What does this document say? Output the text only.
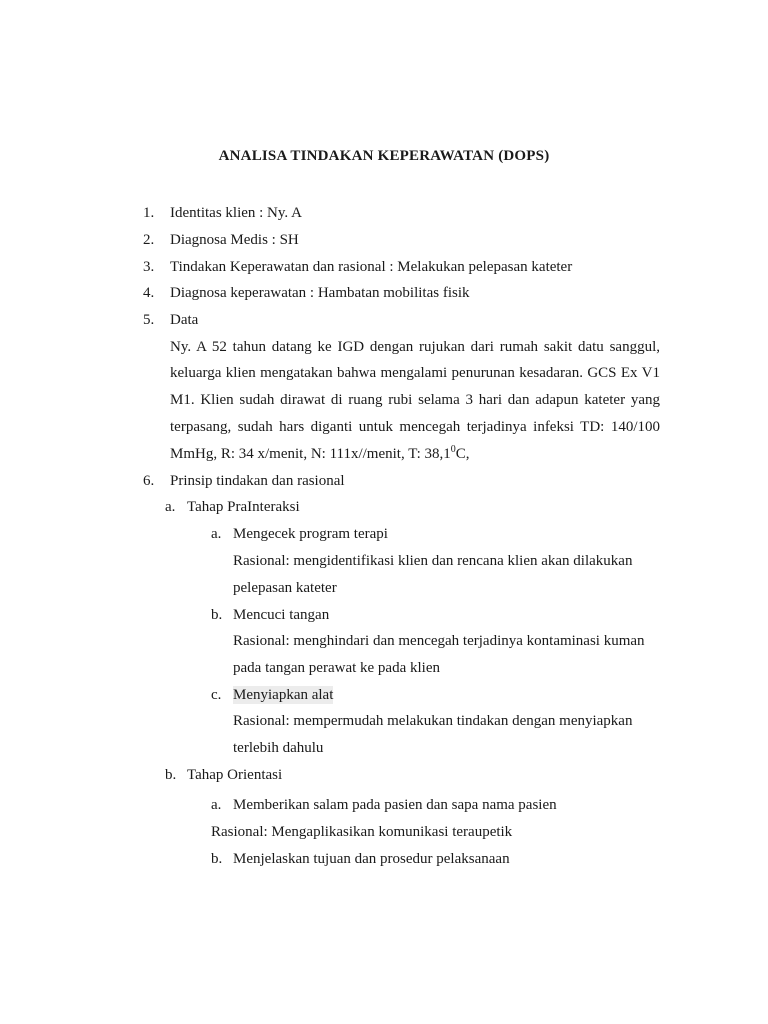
ANALISA TINDAKAN KEPERAWATAN (DOPS)
1. Identitas klien : Ny. A
2. Diagnosa Medis : SH
3. Tindakan Keperawatan dan rasional : Melakukan pelepasan kateter
4. Diagnosa keperawatan : Hambatan mobilitas fisik
5. Data
Ny. A 52 tahun datang ke IGD dengan rujukan dari rumah sakit datu sanggul,
keluarga klien mengatakan bahwa mengalami penurunan kesadaran. GCS Ex V1
M1. Klien sudah dirawat di ruang rubi selama 3 hari dan adapun kateter yang
terpasang, sudah hars diganti untuk mencegah terjadinya infeksi TD: 140/100
MmHg, R: 34 x/menit, N: 111x//menit, T: 38,1$^0$C,
6. Prinsip tindakan dan rasional
a. Tahap PraInteraksi
a. Mengecek program terapi
Rasional: mengidentifikasi klien dan rencana klien akan dilakukan
pelepasan kateter
b. Mencuci tangan
Rasional: menghindari dan mencegah terjadinya kontaminasi kuman
pada tangan perawat ke pada klien
c. Menyiapkan alat
Rasional: mempermudah melakukan tindakan dengan menyiapkan
terlebih dahulu
b. Tahap Orientasi
a. Memberikan salam pada pasien dan sapa nama pasien
Rasional: Mengaplikasikan komunikasi teraupetik
b. Menjelaskan tujuan dan prosedur pelaksanaan
